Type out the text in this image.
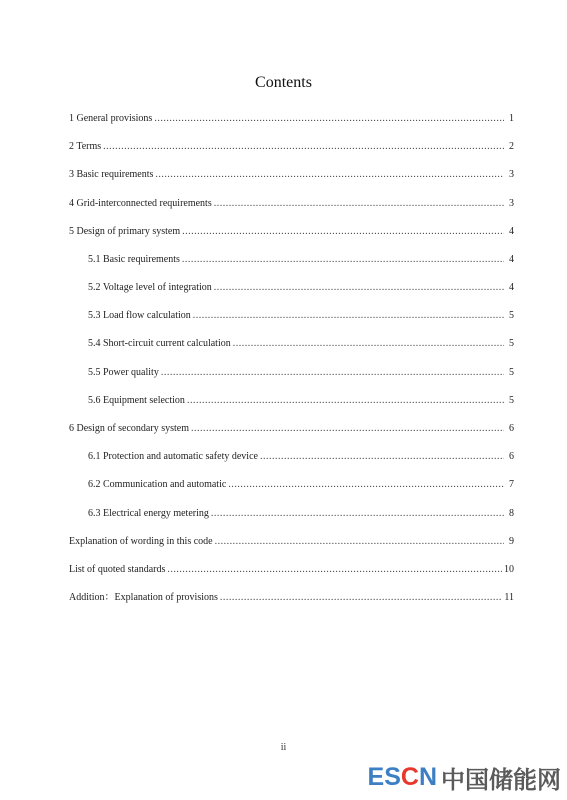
Contents
1 General provisions .....	1
2 Terms .....	2
3 Basic requirements .....	3
4 Grid-interconnected requirements .....	3
5 Design of primary system .....	4
5.1 Basic requirements .....	4
5.2 Voltage level of integration .....	4
5.3 Load flow calculation .....	5
5.4 Short-circuit current calculation .....	5
5.5 Power quality .....	5
5.6 Equipment selection .....	5
6 Design of secondary system .....	6
6.1 Protection and automatic safety device .....	6
6.2 Communication and automatic .....	7
6.3 Electrical energy metering .....	8
Explanation of wording in this code .....	9
List of quoted standards .....	10
Addition：Explanation of provisions .....	11
ii
ES C N 中国储能网
